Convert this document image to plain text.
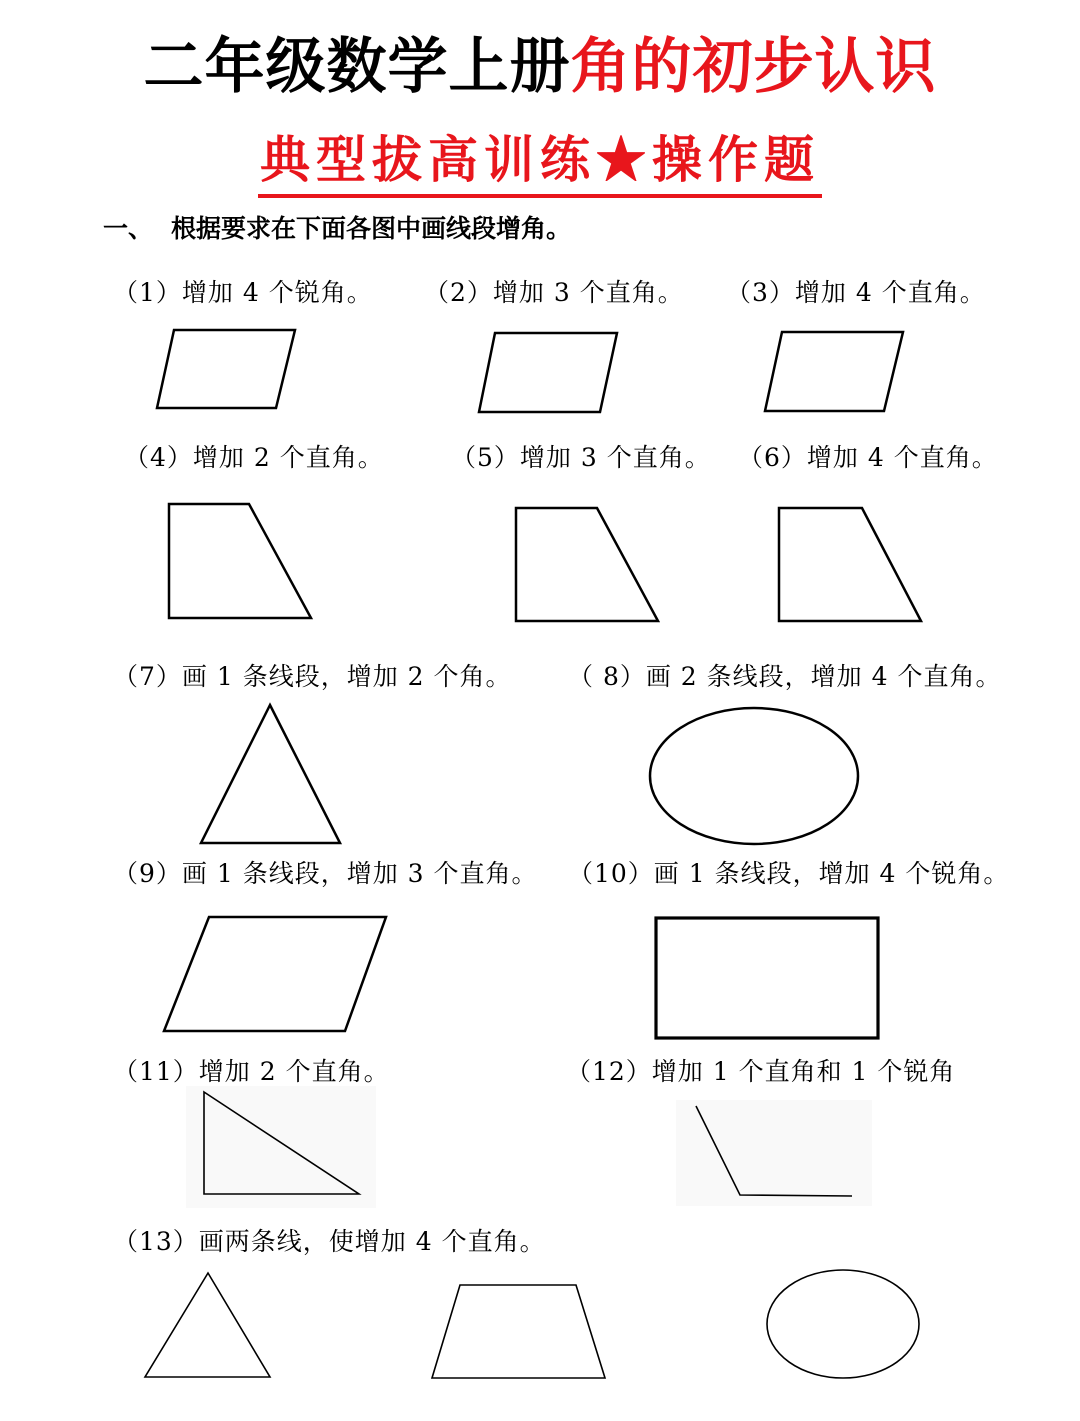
二年级数学上册角的初步认识
典型拔高训练★操作题
一、 根据要求在下面各图中画线段增角。
（1）增加 4 个锐角。 （2）增加 3 个直角。 （3）增加 4 个直角。
（4）增加 2 个直角。	（5）增加 3 个直角。 （6）增加 4 个直角。
（7）画 1 条线段，增加 2 个角。 （ 8）画 2 条线段，增加 4 个直角。
（9）画 1 条线段，增加 3 个直角。 （10）画 1 条线段，增加 4 个锐角。
（11）增加 2 个直角。	（12）增加 1 个直角和 1 个锐角
（13）画两条线，使增加 4 个直角。
